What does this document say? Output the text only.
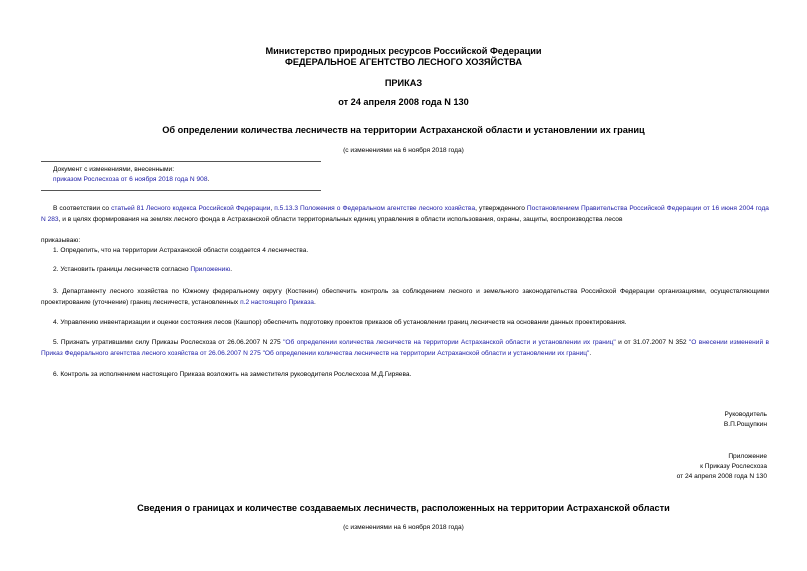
Министерство природных ресурсов Российской Федерации
ФЕДЕРАЛЬНОЕ АГЕНТСТВО ЛЕСНОГО ХОЗЯЙСТВА
ПРИКАЗ
от 24 апреля 2008 года N 130
Об определении количества лесничеств на территории Астраханской области и установлении их границ
(с изменениями на 6 ноября 2018 года)
Документ с изменениями, внесенными:
приказом Рослесхоза от 6 ноября 2018 года N 908.
В соответствии со статьей 81 Лесного кодекса Российской Федерации, п.5.13.3 Положения о Федеральном агентстве лесного хозяйства, утвержденного Постановлением Правительства Российской Федерации от 16 июня 2004 года N 283, и в целях формирования на землях лесного фонда в Астраханской области территориальных единиц управления в области использования, охраны, защиты, воспроизводства лесов
приказываю:
1. Определить, что на территории Астраханской области создается 4 лесничества.
2. Установить границы лесничеств согласно Приложению.
3. Департаменту лесного хозяйства по Южному федеральному округу (Костенин) обеспечить контроль за соблюдением лесного и земельного законодательства Российской Федерации организациями, осуществляющими проектирование (уточнение) границ лесничеств, установленных п.2 настоящего Приказа.
4. Управлению инвентаризации и оценки состояния лесов (Кашпор) обеспечить подготовку проектов приказов об установлении границ лесничеств на основании данных проектирования.
5. Признать утратившими силу Приказы Рослесхоза от 26.06.2007 N 275 "Об определении количества лесничеств на территории Астраханской области и установлении их границ" и от 31.07.2007 N 352 "О внесении изменений в Приказ Федерального агентства лесного хозяйства от 26.06.2007 N 275 "Об определении количества лесничеств на территории Астраханской области и установлении их границ".
6. Контроль за исполнением настоящего Приказа возложить на заместителя руководителя Рослесхоза М.Д.Гиряева.
Руководитель
В.П.Рощупкин
Приложение
к Приказу Рослесхоза
от 24 апреля 2008 года N 130
Сведения о границах и количестве создаваемых лесничеств, расположенных на территории Астраханской области
(с изменениями на 6 ноября 2018 года)
